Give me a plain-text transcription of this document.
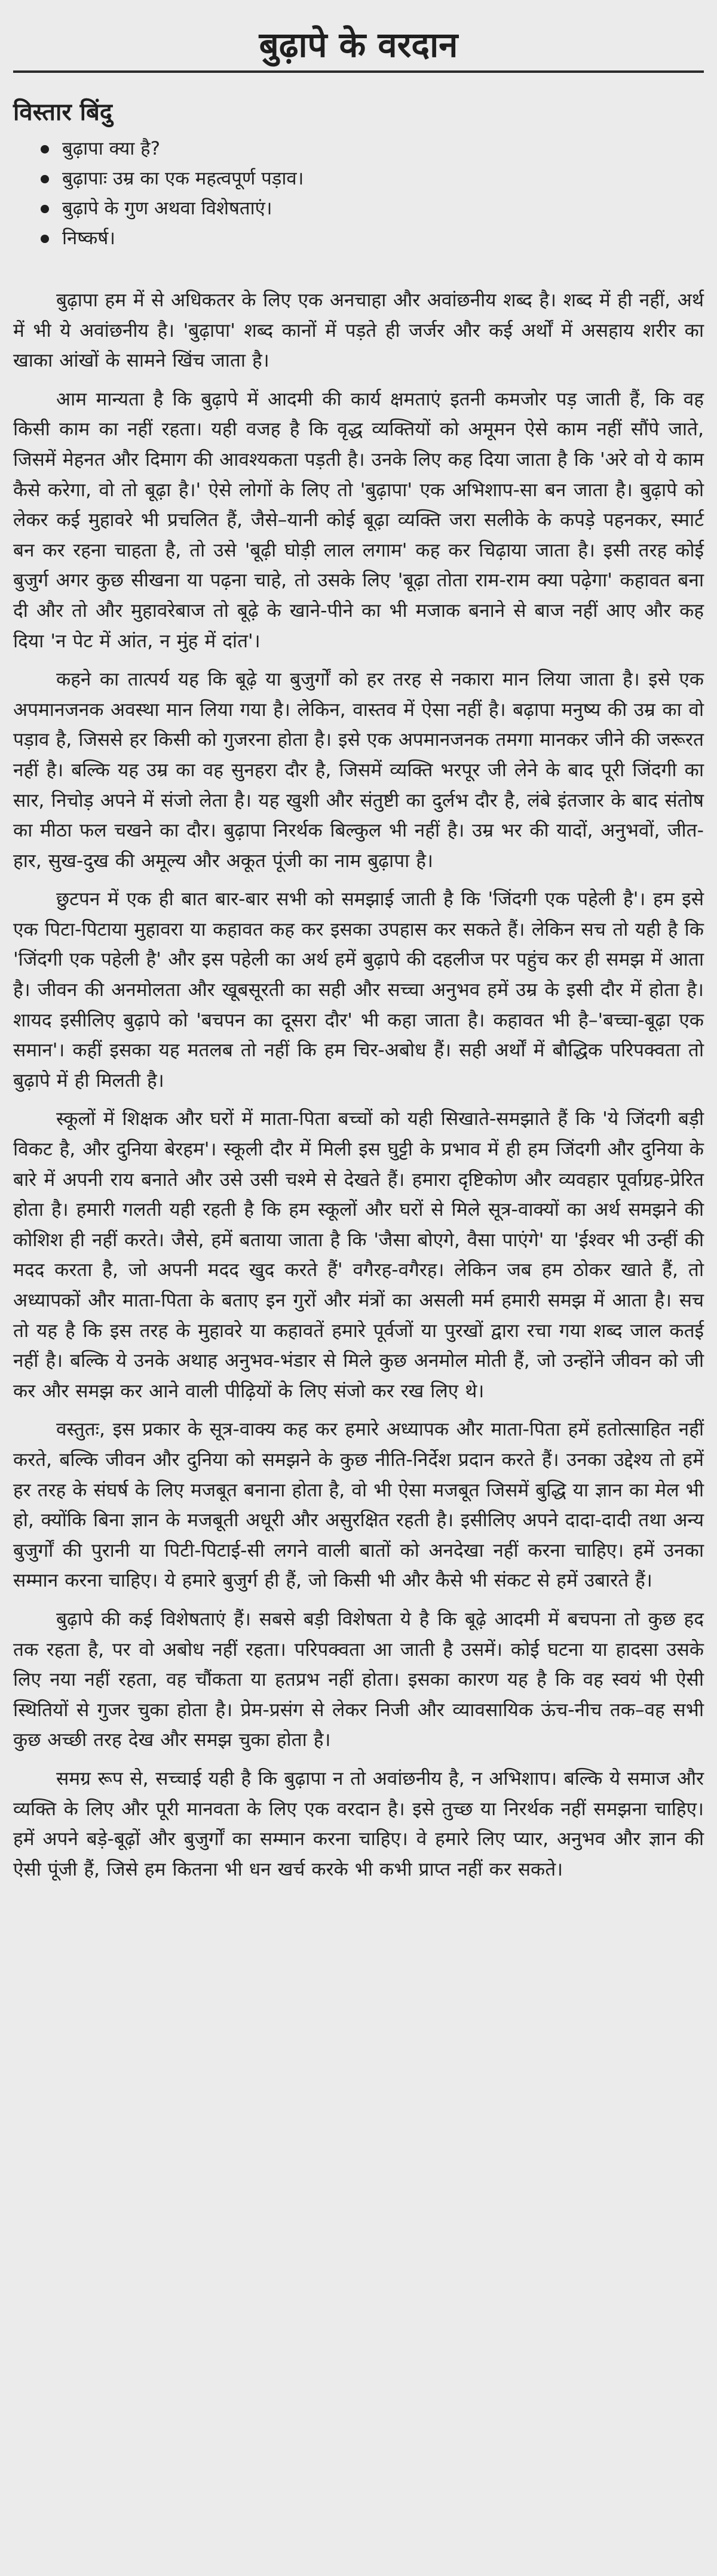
बुढ़ापे के वरदान
विस्तार बिंदु
बुढ़ापा क्या है?
बुढ़ापाः उम्र का एक महत्वपूर्ण पड़ाव।
बुढ़ापे के गुण अथवा विशेषताएं।
निष्कर्ष।

बुढ़ापा हम में से अधिकतर के लिए एक अनचाहा और अवांछनीय शब्द है। शब्द में ही नहीं, अर्थ में भी ये अवांछनीय है। 'बुढ़ापा' शब्द कानों में पड़ते ही जर्जर और कई अर्थों में असहाय शरीर का खाका आंखों के सामने खिंच जाता है।

आम मान्यता है कि बुढ़ापे में आदमी की कार्य क्षमताएं इतनी कमजोर पड़ जाती हैं, कि वह किसी काम का नहीं रहता। यही वजह है कि वृद्ध व्यक्तियों को अमूमन ऐसे काम नहीं सौंपे जाते, जिसमें मेहनत और दिमाग की आवश्यकता पड़ती है। उनके लिए कह दिया जाता है कि 'अरे वो ये काम कैसे करेगा, वो तो बूढ़ा है।' ऐसे लोगों के लिए तो 'बुढ़ापा' एक अभिशाप-सा बन जाता है। बुढ़ापे को लेकर कई मुहावरे भी प्रचलित हैं, जैसे–यानी कोई बूढ़ा व्यक्ति जरा सलीके के कपड़े पहनकर, स्मार्ट बन कर रहना चाहता है, तो उसे 'बूढ़ी घोड़ी लाल लगाम' कह कर चिढ़ाया जाता है। इसी तरह कोई बुजुर्ग अगर कुछ सीखना या पढ़ना चाहे, तो उसके लिए 'बूढ़ा तोता राम-राम क्या पढ़ेगा' कहावत बना दी और तो और मुहावरेबाज तो बूढ़े के खाने-पीने का भी मजाक बनाने से बाज नहीं आए और कह दिया 'न पेट में आंत, न मुंह में दांत'।

कहने का तात्पर्य यह कि बूढ़े या बुजुर्गों को हर तरह से नकारा मान लिया जाता है। इसे एक अपमानजनक अवस्था मान लिया गया है। लेकिन, वास्तव में ऐसा नहीं है। बढ़ापा मनुष्य की उम्र का वो पड़ाव है, जिससे हर किसी को गुजरना होता है। इसे एक अपमानजनक तमगा मानकर जीने की जरूरत नहीं है। बल्कि यह उम्र का वह सुनहरा दौर है, जिसमें व्यक्ति भरपूर जी लेने के बाद पूरी जिंदगी का सार, निचोड़ अपने में संजो लेता है। यह खुशी और संतुष्टी का दुर्लभ दौर है, लंबे इंतजार के बाद संतोष का मीठा फल चखने का दौर। बुढ़ापा निरर्थक बिल्कुल भी नहीं है। उम्र भर की यादों, अनुभवों, जीत-हार, सुख-दुख की अमूल्य और अकूत पूंजी का नाम बुढ़ापा है।

छुटपन में एक ही बात बार-बार सभी को समझाई जाती है कि 'जिंदगी एक पहेली है'। हम इसे एक पिटा-पिटाया मुहावरा या कहावत कह कर इसका उपहास कर सकते हैं। लेकिन सच तो यही है कि 'जिंदगी एक पहेली है' और इस पहेली का अर्थ हमें बुढ़ापे की दहलीज पर पहुंच कर ही समझ में आता है। जीवन की अनमोलता और खूबसूरती का सही और सच्चा अनुभव हमें उम्र के इसी दौर में होता है। शायद इसीलिए बुढ़ापे को 'बचपन का दूसरा दौर' भी कहा जाता है। कहावत भी है–'बच्चा-बूढ़ा एक समान'। कहीं इसका यह मतलब तो नहीं कि हम चिर-अबोध हैं। सही अर्थों में बौद्धिक परिपक्वता तो बुढ़ापे में ही मिलती है।

स्कूलों में शिक्षक और घरों में माता-पिता बच्चों को यही सिखाते-समझाते हैं कि 'ये जिंदगी बड़ी विकट है, और दुनिया बेरहम'। स्कूली दौर में मिली इस घुट्टी के प्रभाव में ही हम जिंदगी और दुनिया के बारे में अपनी राय बनाते और उसे उसी चश्मे से देखते हैं। हमारा दृष्टिकोण और व्यवहार पूर्वाग्रह-प्रेरित होता है। हमारी गलती यही रहती है कि हम स्कूलों और घरों से मिले सूत्र-वाक्यों का अर्थ समझने की कोशिश ही नहीं करते। जैसे, हमें बताया जाता है कि 'जैसा बोएगे, वैसा पाएंगे' या 'ईश्वर भी उन्हीं की मदद करता है, जो अपनी मदद खुद करते हैं' वगैरह-वगैरह। लेकिन जब हम ठोकर खाते हैं, तो अध्यापकों और माता-पिता के बताए इन गुरों और मंत्रों का असली मर्म हमारी समझ में आता है। सच तो यह है कि इस तरह के मुहावरे या कहावतें हमारे पूर्वजों या पुरखों द्वारा रचा गया शब्द जाल कतई नहीं है। बल्कि ये उनके अथाह अनुभव-भंडार से मिले कुछ अनमोल मोती हैं, जो उन्होंने जीवन को जी कर और समझ कर आने वाली पीढ़ियों के लिए संजो कर रख लिए थे।

वस्तुतः, इस प्रकार के सूत्र-वाक्य कह कर हमारे अध्यापक और माता-पिता हमें हतोत्साहित नहीं करते, बल्कि जीवन और दुनिया को समझने के कुछ नीति-निर्देश प्रदान करते हैं। उनका उद्देश्य तो हमें हर तरह के संघर्ष के लिए मजबूत बनाना होता है, वो भी ऐसा मजबूत जिसमें बुद्धि या ज्ञान का मेल भी हो, क्योंकि बिना ज्ञान के मजबूती अधूरी और असुरक्षित रहती है। इसीलिए अपने दादा-दादी तथा अन्य बुजुर्गों की पुरानी या पिटी-पिटाई-सी लगने वाली बातों को अनदेखा नहीं करना चाहिए। हमें उनका सम्मान करना चाहिए। ये हमारे बुजुर्ग ही हैं, जो किसी भी और कैसे भी संकट से हमें उबारते हैं।

बुढ़ापे की कई विशेषताएं हैं। सबसे बड़ी विशेषता ये है कि बूढ़े आदमी में बचपना तो कुछ हद तक रहता है, पर वो अबोध नहीं रहता। परिपक्वता आ जाती है उसमें। कोई घटना या हादसा उसके लिए नया नहीं रहता, वह चौंकता या हतप्रभ नहीं होता। इसका कारण यह है कि वह स्वयं भी ऐसी स्थितियों से गुजर चुका होता है। प्रेम-प्रसंग से लेकर निजी और व्यावसायिक ऊंच-नीच तक–वह सभी कुछ अच्छी तरह देख और समझ चुका होता है।

समग्र रूप से, सच्चाई यही है कि बुढ़ापा न तो अवांछनीय है, न अभिशाप। बल्कि ये समाज और व्यक्ति के लिए और पूरी मानवता के लिए एक वरदान है। इसे तुच्छ या निरर्थक नहीं समझना चाहिए। हमें अपने बड़े-बूढ़ों और बुजुर्गों का सम्मान करना चाहिए। वे हमारे लिए प्यार, अनुभव और ज्ञान की ऐसी पूंजी हैं, जिसे हम कितना भी धन खर्च करके भी कभी प्राप्त नहीं कर सकते।
